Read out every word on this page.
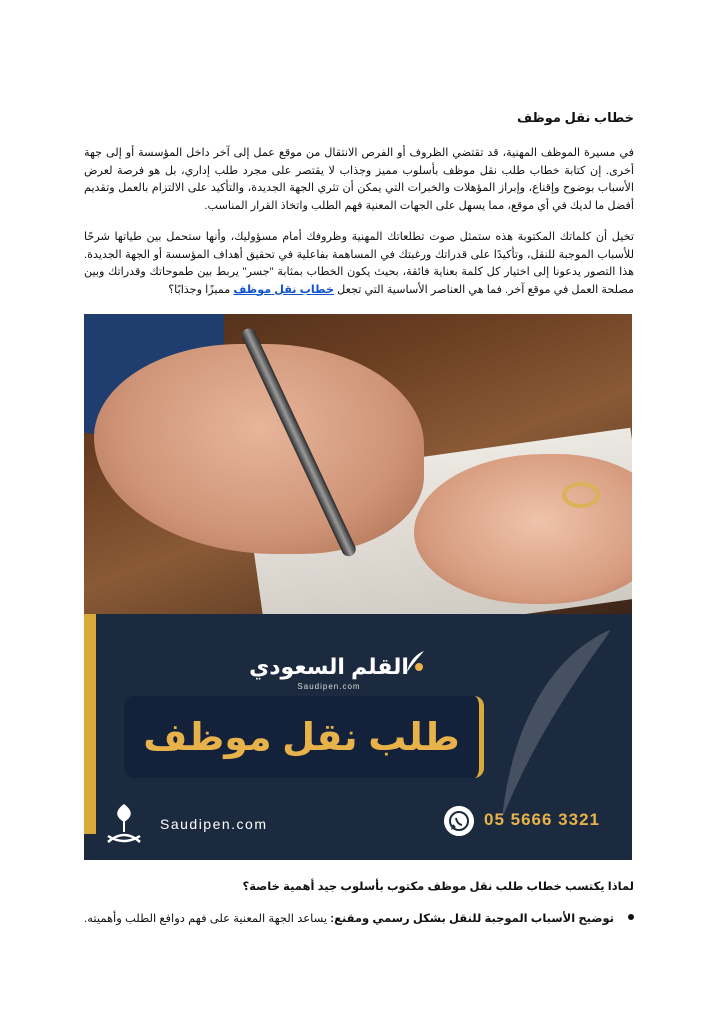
خطاب نقل موظف

في مسيرة الموظف المهنية، قد تقتضي الظروف أو الفرص الانتقال من موقع عمل إلى آخر داخل المؤسسة أو إلى جهة أخرى. إن كتابة خطاب طلب نقل موظف بأسلوب مميز وجذاب لا يقتصر على مجرد طلب إداري، بل هو فرصة لعرض الأسباب بوضوح وإقناع، وإبراز المؤهلات والخبرات التي يمكن أن تثري الجهة الجديدة، والتأكيد على الالتزام بالعمل وتقديم أفضل ما لديك في أي موقع، مما يسهل على الجهات المعنية فهم الطلب واتخاذ القرار المناسب.

تخيل أن كلماتك المكتوبة هذه ستمثل صوت تطلعاتك المهنية وظروفك أمام مسؤوليك، وأنها ستحمل بين طياتها شرحًا للأسباب الموجبة للنقل، وتأكيدًا على قدراتك ورغبتك في المساهمة بفاعلية في تحقيق أهداف المؤسسة أو الجهة الجديدة. هذا التصور يدعونا إلى اختيار كل كلمة بعناية فائقة، بحيث يكون الخطاب بمثابة "جسر" يربط بين طموحاتك وقدراتك وبين مصلحة العمل في موقع آخر. فما هي العناصر الأساسية التي تجعل خطاب نقل موظف مميزًا وجذابًا؟

القلم السعودي
Saudipen.com
طلب نقل موظف
Saudipen.com	05 5666 3321

لماذا يكتسب خطاب طلب نقل موظف مكتوب بأسلوب جيد أهمية خاصة؟

توضيح الأسباب الموجبة للنقل بشكل رسمي ومقنع: يساعد الجهة المعنية على فهم دوافع الطلب وأهميته.
